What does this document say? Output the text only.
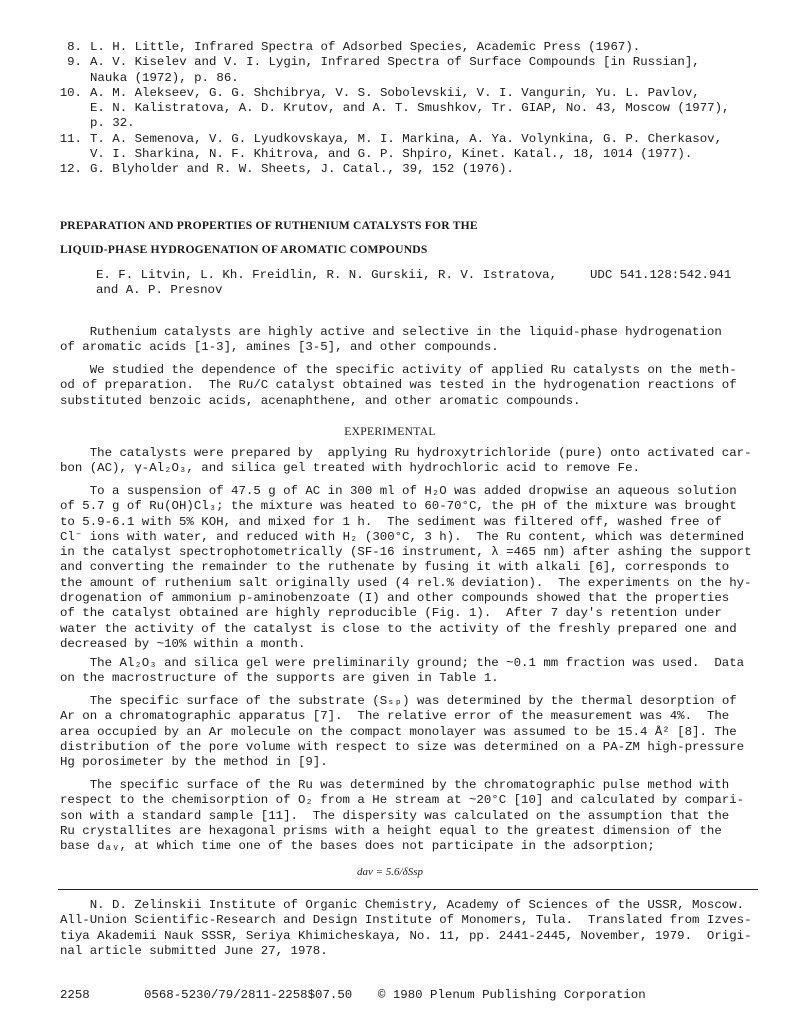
8. L. H. Little, Infrared Spectra of Adsorbed Species, Academic Press (1967).
9. A. V. Kiselev and V. I. Lygin, Infrared Spectra of Surface Compounds [in Russian],
Nauka (1972), p. 86.
10. A. M. Alekseev, G. G. Shchibrya, V. S. Sobolevskii, V. I. Vangurin, Yu. L. Pavlov,
E. N. Kalistratova, A. D. Krutov, and A. T. Smushkov, Tr. GIAP, No. 43, Moscow (1977),
p. 32.
11. T. A. Semenova, V. G. Lyudkovskaya, M. I. Markina, A. Ya. Volynkina, G. P. Cherkasov,
V. I. Sharkina, N. F. Khitrova, and G. P. Shpiro, Kinet. Katal., 18, 1014 (1977).
12. G. Blyholder and R. W. Sheets, J. Catal., 39, 152 (1976).
PREPARATION AND PROPERTIES OF RUTHENIUM CATALYSTS FOR THE
LIQUID-PHASE HYDROGENATION OF AROMATIC COMPOUNDS
E. F. Litvin, L. Kh. Freidlin, R. N. Gurskii, R. V. Istratova,
and A. P. Presnov
UDC 541.128:542.941
Ruthenium catalysts are highly active and selective in the liquid-phase hydrogenation
of aromatic acids [1-3], amines [3-5], and other compounds.
We studied the dependence of the specific activity of applied Ru catalysts on the meth-
od of preparation.  The Ru/C catalyst obtained was tested in the hydrogenation reactions of
substituted benzoic acids, acenaphthene, and other aromatic compounds.
EXPERIMENTAL
The catalysts were prepared by  applying Ru hydroxytrichloride (pure) onto activated car-
bon (AC), γ-Al₂O₃, and silica gel treated with hydrochloric acid to remove Fe.
To a suspension of 47.5 g of AC in 300 ml of H₂O was added dropwise an aqueous solution
of 5.7 g of Ru(OH)Cl₃; the mixture was heated to 60-70°C, the pH of the mixture was brought
to 5.9-6.1 with 5% KOH, and mixed for 1 h.  The sediment was filtered off, washed free of
Cl⁻ ions with water, and reduced with H₂ (300°C, 3 h).  The Ru content, which was determined
in the catalyst spectrophotometrically (SF-16 instrument, λ =465 nm) after ashing the support
and converting the remainder to the ruthenate by fusing it with alkali [6], corresponds to
the amount of ruthenium salt originally used (4 rel.% deviation).  The experiments on the hy-
drogenation of ammonium p-aminobenzoate (I) and other compounds showed that the properties
of the catalyst obtained are highly reproducible (Fig. 1).  After 7 day's retention under
water the activity of the catalyst is close to the activity of the freshly prepared one and
decreased by ~10% within a month.
The Al₂O₃ and silica gel were preliminarily ground; the ~0.1 mm fraction was used.  Data
on the macrostructure of the supports are given in Table 1.
The specific surface of the substrate (Sₛₚ) was determined by the thermal desorption of
Ar on a chromatographic apparatus [7].  The relative error of the measurement was 4%.  The
area occupied by an Ar molecule on the compact monolayer was assumed to be 15.4 Å² [8]. The
distribution of the pore volume with respect to size was determined on a PA-ZM high-pressure
Hg porosimeter by the method in [9].
The specific surface of the Ru was determined by the chromatographic pulse method with
respect to the chemisorption of O₂ from a He stream at ~20°C [10] and calculated by compari-
son with a standard sample [11].  The dispersity was calculated on the assumption that the
Ru crystallites are hexagonal prisms with a height equal to the greatest dimension of the
base dₐᵥ, at which time one of the bases does not participate in the adsorption;
dav = 5.6/δSsp
N. D. Zelinskii Institute of Organic Chemistry, Academy of Sciences of the USSR, Moscow.
All-Union Scientific-Research and Design Institute of Monomers, Tula.  Translated from Izves-
tiya Akademii Nauk SSSR, Seriya Khimicheskaya, No. 11, pp. 2441-2445, November, 1979.  Origi-
nal article submitted June 27, 1978.
2258	0568-5230/79/2811-2258$07.50 © 1980 Plenum Publishing Corporation
